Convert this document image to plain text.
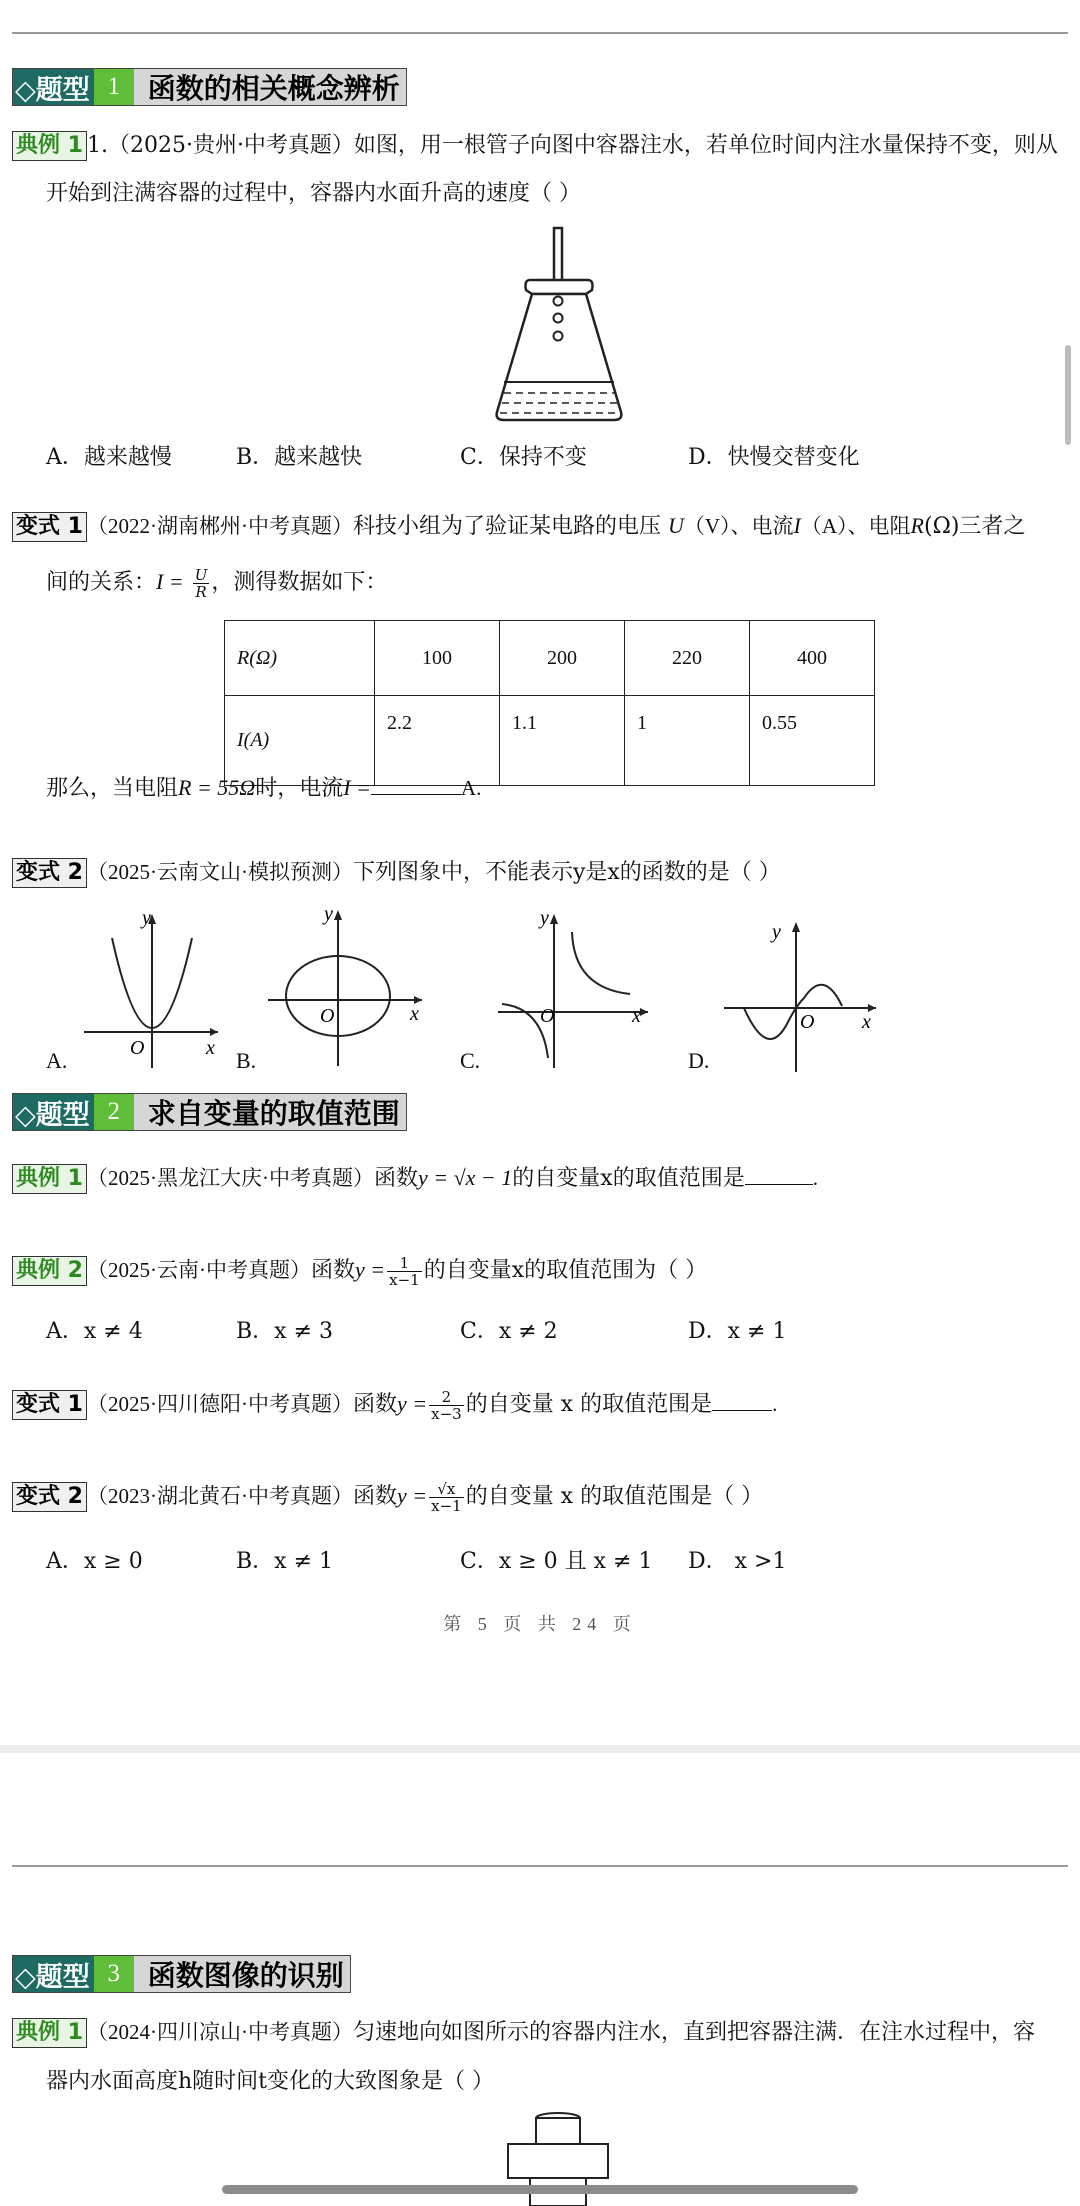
◇题型 1 函数的相关概念辨析
典例 1 1.（2025·贵州·中考真题）如图，用一根管子向图中容器注水，若单位时间内注水量保持不变，则从
开始到注满容器的过程中，容器内水面升高的速度（ ）
A．越来越慢	B．越来越快	C．保持不变	D．快慢交替变化
变式 1 （2022·湖南郴州·中考真题）科技小组为了验证某电路的电压 U（V）、电流I（A）、电阻R(Ω)三者之
间的关系：$I = \frac{U}{R}$ ，测得数据如下：
R(Ω)	100	200	220	400
I(A)	2.2	1.1	1	0.55
那么，当电阻R = 55Ω时，电流I =	A.
变式 2 （2025·云南文山·模拟预测）下列图象中，不能表示y是x的函数的是（ ）
y
x
O
A.
y
x
O
B.
y
x
O
C.
y
x
O
D.
◇题型 2 求自变量的取值范围
典例 1 （2025·黑龙江大庆·中考真题）函数y = √x − 1的自变量x的取值范围是	.
典例 2 （2025·云南·中考真题）函数$y = \frac{1}{x-1}$ 的自变量x的取值范围为（ ）
A．x ≠ 4	B．x ≠ 3	C．x ≠ 2	D．x ≠ 1
变式 1 （2025·四川德阳·中考真题）函数$y = \frac{2}{x-3}$ 的自变量 x 的取值范围是	.
变式 2 （2023·湖北黄石·中考真题）函数$y = \frac{√x}{x-1}$ 的自变量 x 的取值范围是（ ）
A．x ≥ 0	B．x ≠ 1	C．x ≥ 0 且 x ≠ 1 D． x >1
第 5 页 共 24 页
◇题型 3 函数图像的识别
典例 1 （2024·四川凉山·中考真题）匀速地向如图所示的容器内注水，直到把容器注满．在注水过程中，容
器内水面高度h随时间t变化的大致图象是（ ）
